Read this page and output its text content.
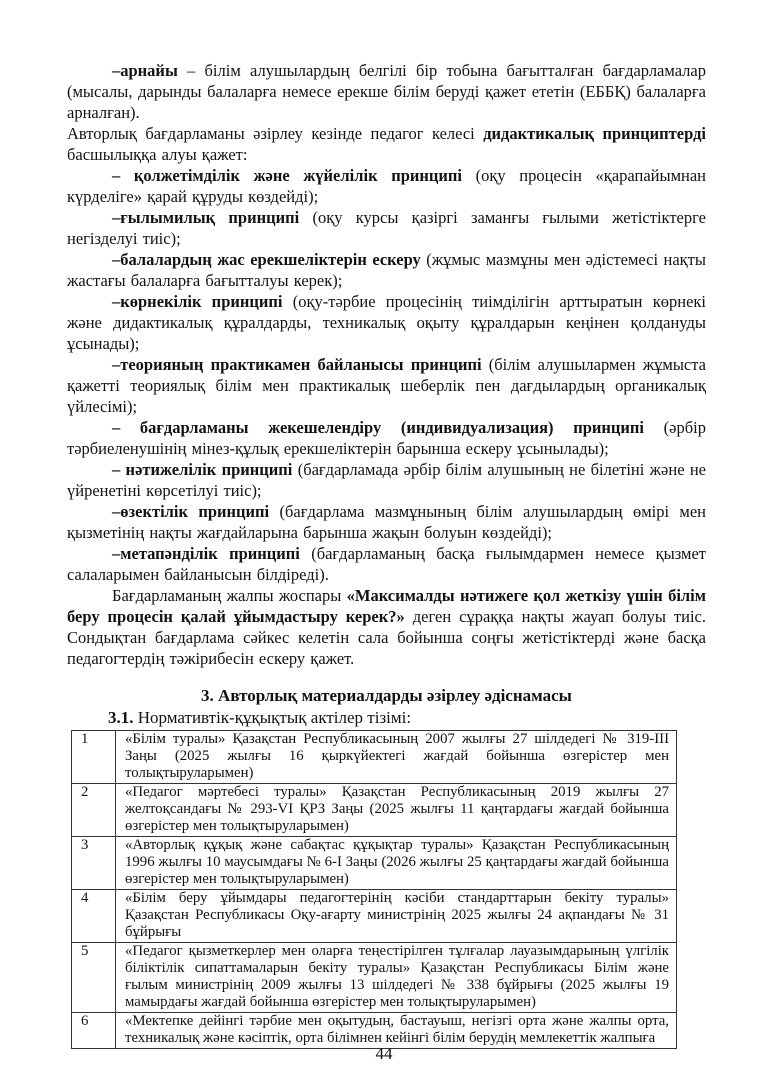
–арнайы – білім алушылардың белгілі бір тобына бағытталған бағдарламалар (мысалы, дарынды балаларға немесе ерекше білім беруді қажет ететін (ЕББҚ) балаларға арналған).

Авторлық бағдарламаны әзірлеу кезінде педагог келесі дидактикалық принциптерді басшылыққа алуы қажет:

– қолжетімділік және жүйелілік принципі (оқу процесін «қарапайымнан күрделіге» қарай құруды көздейді);

–ғылымилық принципі (оқу курсы қазіргі заманғы ғылыми жетістіктерге негізделуі тиіс);

–балалардың жас ерекшеліктерін ескеру (жұмыс мазмұны мен әдістемесі нақты жастағы балаларға бағытталуы керек);

–көрнекілік принципі (оқу-тәрбие процесінің тиімділігін арттыратын көрнекі және дидактикалық құралдарды, техникалық оқыту құралдарын кеңінен қолдануды ұсынады);

–теорияның практикамен байланысы принципі (білім алушылармен жұмыста қажетті теориялық білім мен практикалық шеберлік пен дағдылардың органикалық үйлесімі);

– бағдарламаны жекешелендіру (индивидуализация) принципі (әрбір тәрбиеленушінің мінез-құлық ерекшеліктерін барынша ескеру ұсынылады);

– нәтижелілік принципі (бағдарламада әрбір білім алушының не білетіні және не үйренетіні көрсетілуі тиіс);

–өзектілік принципі (бағдарлама мазмұнының білім алушылардың өмірі мен қызметінің нақты жағдайларына барынша жақын болуын көздейді);

–метапәнділік принципі (бағдарламаның басқа ғылымдармен немесе қызмет салаларымен байланысын білдіреді).

Бағдарламаның жалпы жоспары «Максималды нәтижеге қол жеткізу үшін білім беру процесін қалай ұйымдастыру керек?» деген сұраққа нақты жауап болуы тиіс. Сондықтан бағдарлама сәйкес келетін сала бойынша соңғы жетістіктерді және басқа педагогтердің тәжірибесін ескеру қажет.

3. Авторлық материалдарды әзірлеу әдіснамасы

3.1. Нормативтік-құқықтық актілер тізімі:

1	«Білім туралы» Қазақстан Республикасының 2007 жылғы 27 шілдедегі № 319-III Заңы (2025 жылғы 16 қыркүйектегі жағдай бойынша өзгерістер мен толықтыруларымен)
2	«Педагог мәртебесі туралы» Қазақстан Республикасының 2019 жылғы 27 желтоқсандағы № 293-VI ҚРЗ Заңы (2025 жылғы 11 қаңтардағы жағдай бойынша өзгерістер мен толықтыруларымен)
3	«Авторлық құқық және сабақтас құқықтар туралы» Қазақстан Республикасының 1996 жылғы 10 маусымдағы № 6-I Заңы (2026 жылғы 25 қаңтардағы жағдай бойынша өзгерістер мен толықтыруларымен)
4	«Білім беру ұйымдары педагогтерінің кәсіби стандарттарын бекіту туралы» Қазақстан Республикасы Оқу-ағарту министрінің 2025 жылғы 24 ақпандағы № 31 бұйрығы
5	«Педагог қызметкерлер мен оларға теңестірілген тұлғалар лауазымдарының үлгілік біліктілік сипаттамаларын бекіту туралы» Қазақстан Республикасы Білім және ғылым министрінің 2009 жылғы 13 шілдедегі № 338 бұйрығы (2025 жылғы 19 мамырдағы жағдай бойынша өзгерістер мен толықтыруларымен)
6	«Мектепке дейінгі тәрбие мен оқытудың, бастауыш, негізгі орта және жалпы орта, техникалық және кәсіптік, орта білімнен кейінгі білім берудің мемлекеттік жалпыға
44
